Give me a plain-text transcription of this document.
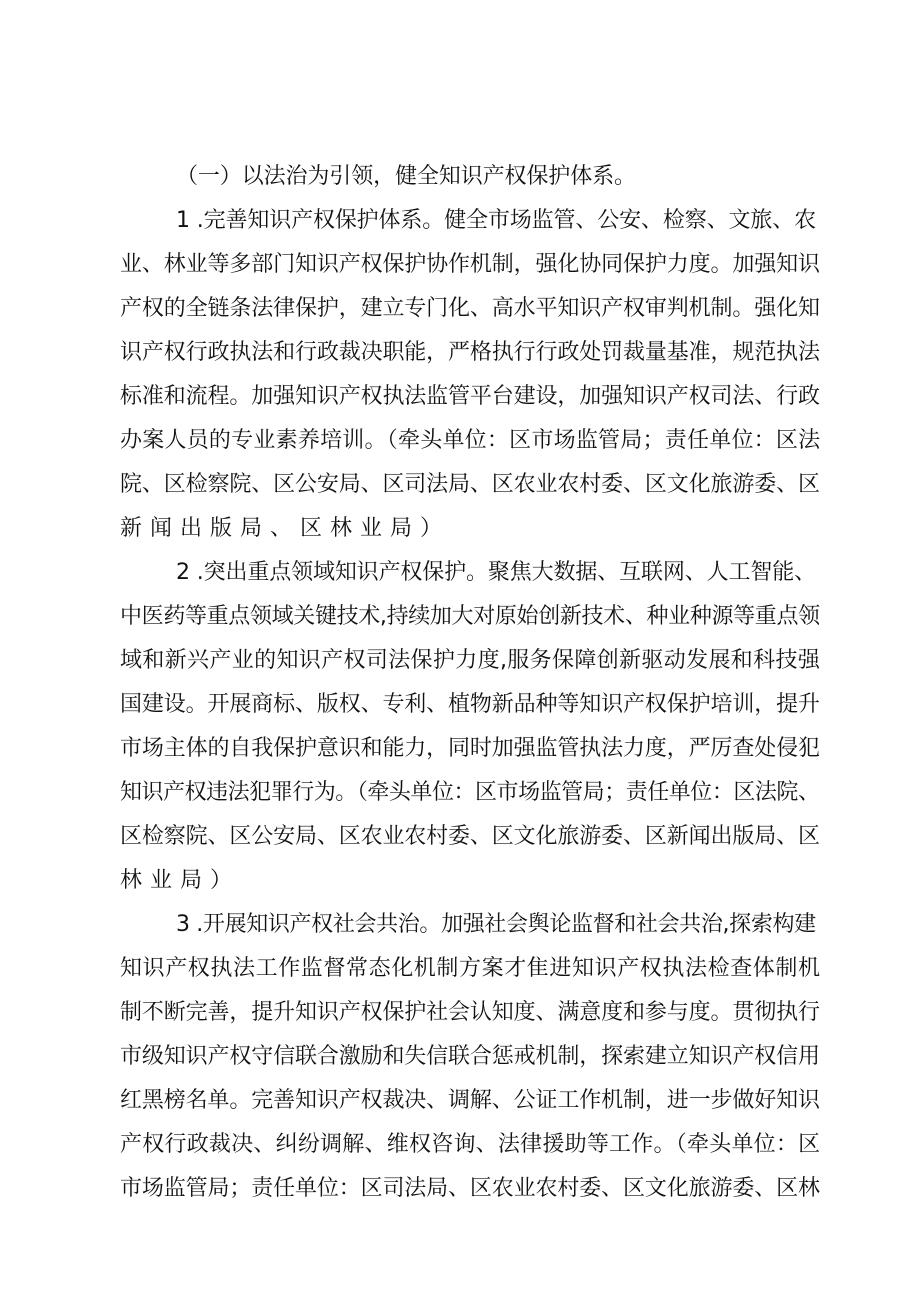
（一）以法治为引领，健全知识产权保护体系。
1 .完善知识产权保护体系。健全市场监管、公安、检察、文旅、农
业、林业等多部门知识产权保护协作机制，强化协同保护力度。加强知识
产权的全链条法律保护，建立专门化、高水平知识产权审判机制。强化知
识产权行政执法和行政裁决职能，严格执行行政处罚裁量基准，规范执法
标准和流程。加强知识产权执法监管平台建设，加强知识产权司法、行政
办案人员的专业素养培训。（牵头单位：区市场监管局；责任单位：区法
院、区检察院、区公安局、区司法局、区农业农村委、区文化旅游委、区
新闻出版局、区林业局）
2 .突出重点领域知识产权保护。聚焦大数据、互联网、人工智能、
中医药等重点领域关键技术,持续加大对原始创新技术、种业种源等重点领
域和新兴产业的知识产权司法保护力度,服务保障创新驱动发展和科技强
国建设。开展商标、版权、专利、植物新品种等知识产权保护培训，提升
市场主体的自我保护意识和能力，同时加强监管执法力度，严厉查处侵犯
知识产权违法犯罪行为。（牵头单位：区市场监管局；责任单位：区法院、
区检察院、区公安局、区农业农村委、区文化旅游委、区新闻出版局、区
林业局）
3 .开展知识产权社会共治。加强社会舆论监督和社会共治,探索构建
知识产权执法工作监督常态化机制方案才隹进知识产权执法检查体制机
制不断完善，提升知识产权保护社会认知度、满意度和参与度。贯彻执行
市级知识产权守信联合激励和失信联合惩戒机制，探索建立知识产权信用
红黑榜名单。完善知识产权裁决、调解、公证工作机制，进一步做好知识
产权行政裁决、纠纷调解、维权咨询、法律援助等工作。（牵头单位：区
市场监管局；责任单位：区司法局、区农业农村委、区文化旅游委、区林
